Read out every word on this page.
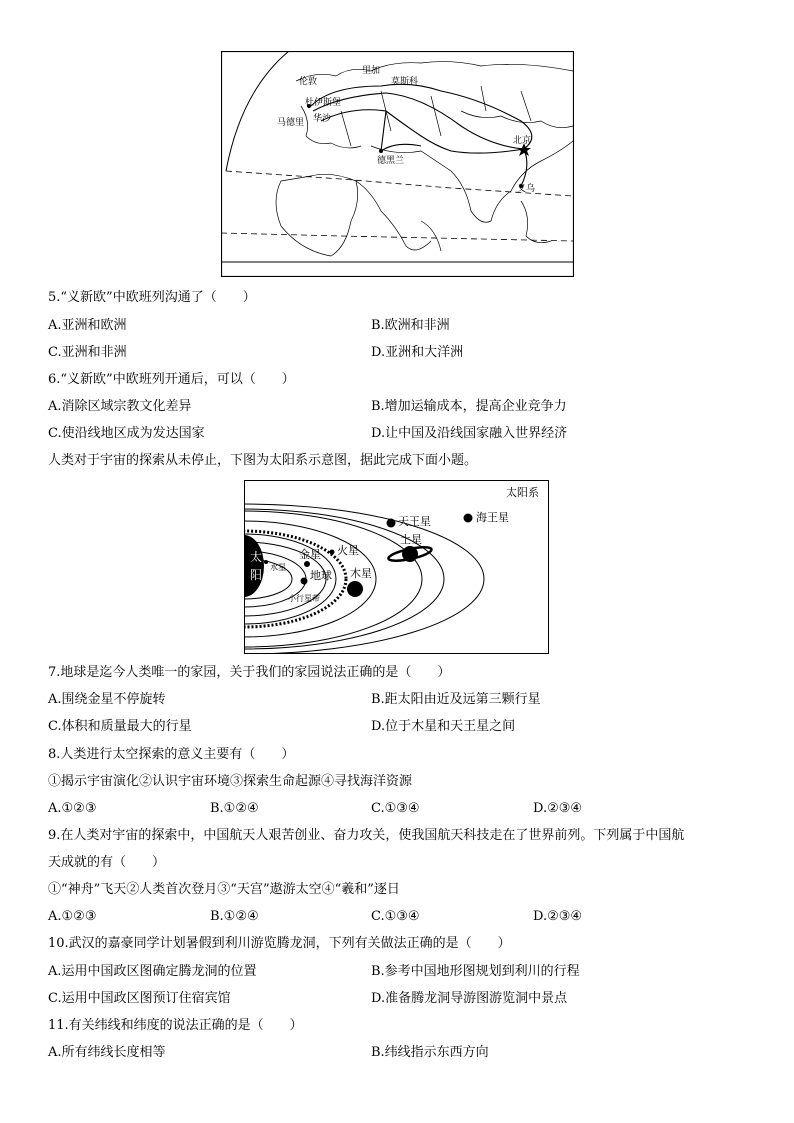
里加
莫斯科
伦敦
马德里
杜伊斯堡
华沙
德黑兰
北京
义乌
5.“义新欧”中欧班列沟通了（　　）
A.亚洲和欧洲	B.欧洲和非洲
C.亚洲和非洲	D.亚洲和大洋洲
6.“义新欧”中欧班列开通后，可以（　　）
A.消除区域宗教文化差异	B.增加运输成本，提高企业竞争力
C.使沿线地区成为发达国家	D.让中国及沿线国家融入世界经济
人类对于宇宙的探索从未停止，下图为太阳系示意图，据此完成下面小题。
太
阳
太阳系
水星
金星 火星
地球 木星
土星
天王星	海王星
小行星带
7.地球是迄今人类唯一的家园，关于我们的家园说法正确的是（　　）
A.围绕金星不停旋转	B.距太阳由近及远第三颗行星
C.体积和质量最大的行星	D.位于木星和天王星之间
8.人类进行太空探索的意义主要有（　　）
①揭示宇宙演化②认识宇宙环境③探索生命起源④寻找海洋资源
A.①②③	B.①②④	C.①③④	D.②③④
9.在人类对宇宙的探索中，中国航天人艰苦创业、奋力攻关，使我国航天科技走在了世界前列。下列属于中国航
天成就的有（　　）
①“神舟”飞天②人类首次登月③“天宫”遨游太空④“羲和”逐日
A.①②③	B.①②④	C.①③④	D.②③④
10.武汉的嘉豪同学计划暑假到利川游览腾龙洞，下列有关做法正确的是（　　）
A.运用中国政区图确定腾龙洞的位置	B.参考中国地形图规划到利川的行程
C.运用中国政区图预订住宿宾馆	D.准备腾龙洞导游图游览洞中景点
11.有关纬线和纬度的说法正确的是（　　）
A.所有纬线长度相等	B.纬线指示东西方向
